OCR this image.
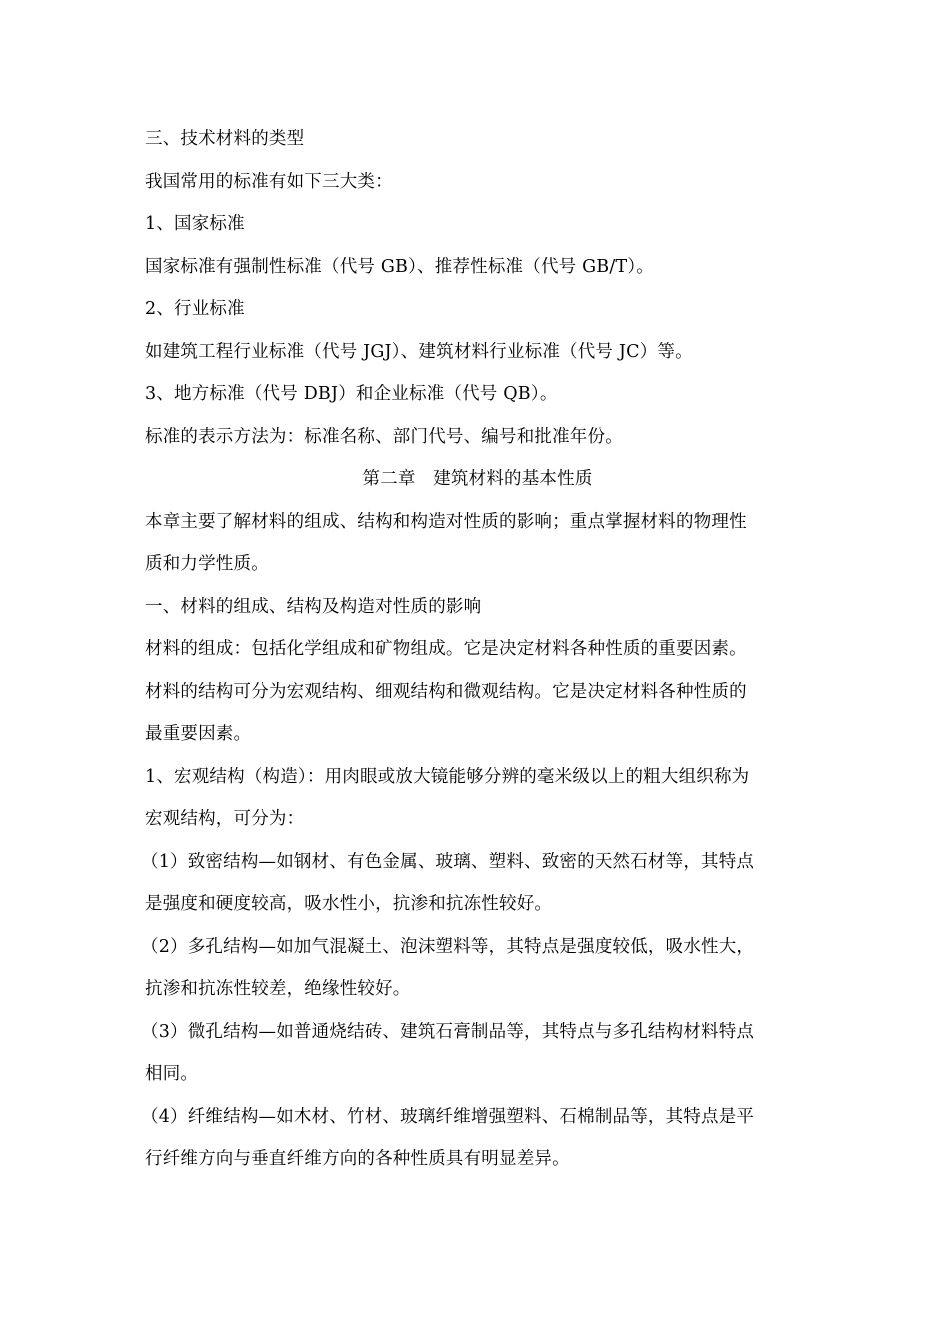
三、技术材料的类型
我国常用的标准有如下三大类：
1、国家标准
国家标准有强制性标准（代号 GB）、推荐性标准（代号 GB/T）。
2、行业标准
如建筑工程行业标准（代号 JGJ）、建筑材料行业标准（代号 JC）等。
3、地方标准（代号 DBJ）和企业标准（代号 QB）。
标准的表示方法为：标准名称、部门代号、编号和批准年份。
第二章　建筑材料的基本性质
本章主要了解材料的组成、结构和构造对性质的影响；重点掌握材料的物理性
质和力学性质。
一、材料的组成、结构及构造对性质的影响
材料的组成：包括化学组成和矿物组成。它是决定材料各种性质的重要因素。
材料的结构可分为宏观结构、细观结构和微观结构。它是决定材料各种性质的
最重要因素。
1、宏观结构（构造）：用肉眼或放大镜能够分辨的毫米级以上的粗大组织称为
宏观结构，可分为：
（1）致密结构—如钢材、有色金属、玻璃、塑料、致密的天然石材等，其特点
是强度和硬度较高，吸水性小，抗渗和抗冻性较好。
（2）多孔结构—如加气混凝土、泡沫塑料等，其特点是强度较低，吸水性大，
抗渗和抗冻性较差，绝缘性较好。
（3）微孔结构—如普通烧结砖、建筑石膏制品等，其特点与多孔结构材料特点
相同。
（4）纤维结构—如木材、竹材、玻璃纤维增强塑料、石棉制品等，其特点是平
行纤维方向与垂直纤维方向的各种性质具有明显差异。
